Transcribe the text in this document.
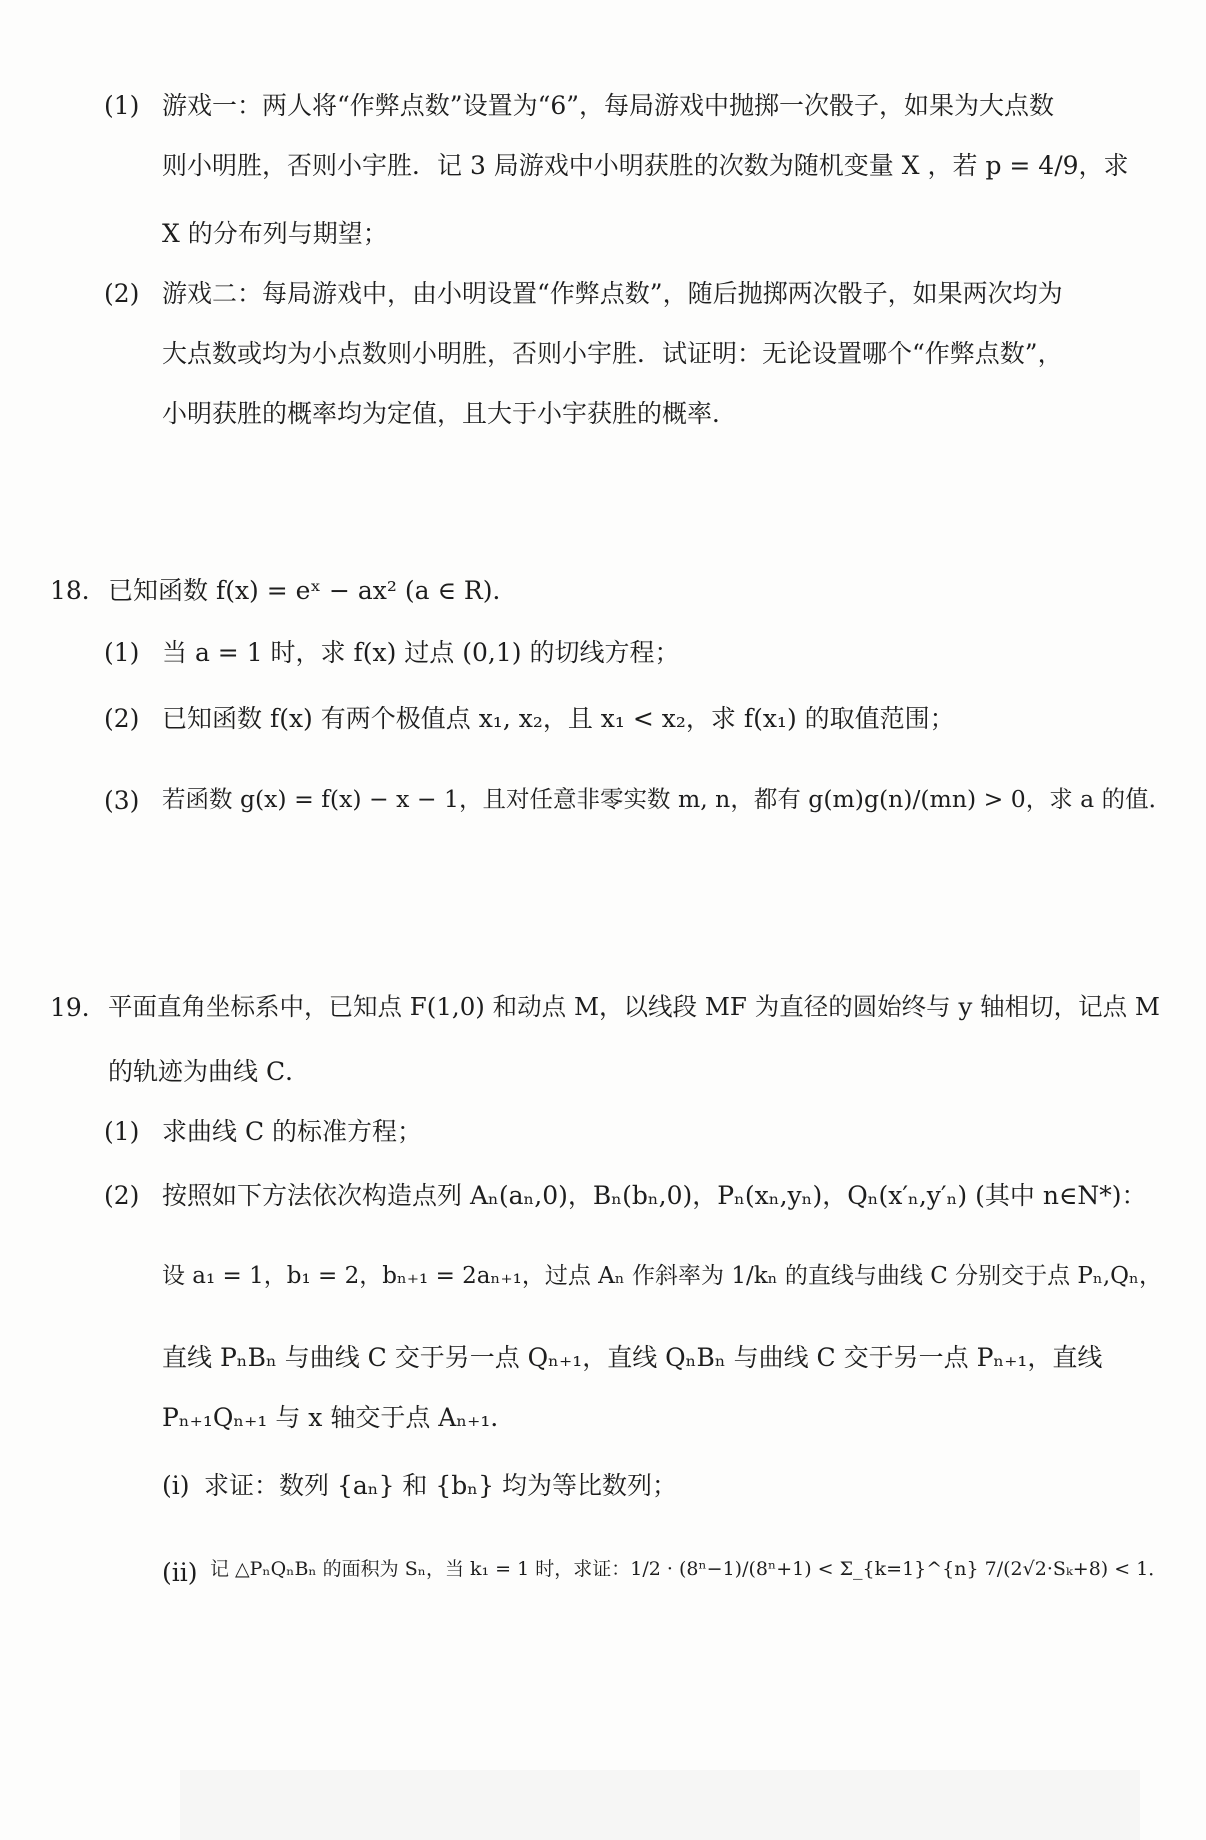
(1) 游戏一：两人将“作弊点数”设置为“6”，每局游戏中抛掷一次骰子，如果为大点数
则小明胜，否则小宇胜．记 3 局游戏中小明获胜的次数为随机变量 X ，若 p = 4/9，求
X 的分布列与期望；
(2) 游戏二：每局游戏中，由小明设置“作弊点数”，随后抛掷两次骰子，如果两次均为
大点数或均为小点数则小明胜，否则小宇胜．试证明：无论设置哪个“作弊点数”，
小明获胜的概率均为定值，且大于小宇获胜的概率．
18． 已知函数 f(x) = eˣ − ax² (a ∈ R)．
(1) 当 a = 1 时，求 f(x) 过点 (0,1) 的切线方程；
(2) 已知函数 f(x) 有两个极值点 x₁, x₂，且 x₁ < x₂，求 f(x₁) 的取值范围；
(3) 若函数 g(x) = f(x) − x − 1，且对任意非零实数 m, n，都有 g(m)g(n)/(mn) > 0，求 a 的值．
19． 平面直角坐标系中，已知点 F(1,0) 和动点 M，以线段 MF 为直径的圆始终与 y 轴相切，记点 M
的轨迹为曲线 C．
(1) 求曲线 C 的标准方程；
(2) 按照如下方法依次构造点列 Aₙ(aₙ,0)，Bₙ(bₙ,0)，Pₙ(xₙ,yₙ)，Qₙ(x′ₙ,y′ₙ) (其中 n∈N*)：
设 a₁ = 1，b₁ = 2，bₙ₊₁ = 2aₙ₊₁，过点 Aₙ 作斜率为 1/kₙ 的直线与曲线 C 分别交于点 Pₙ,Qₙ，
直线 PₙBₙ 与曲线 C 交于另一点 Qₙ₊₁，直线 QₙBₙ 与曲线 C 交于另一点 Pₙ₊₁，直线
Pₙ₊₁Qₙ₊₁ 与 x 轴交于点 Aₙ₊₁．
(i) 求证：数列 {aₙ} 和 {bₙ} 均为等比数列；
(ii) 记 △PₙQₙBₙ 的面积为 Sₙ，当 k₁ = 1 时，求证：1/2 · (8ⁿ−1)/(8ⁿ+1) < Σ_{k=1}^{n} 7/(2√2·Sₖ+8) < 1．
